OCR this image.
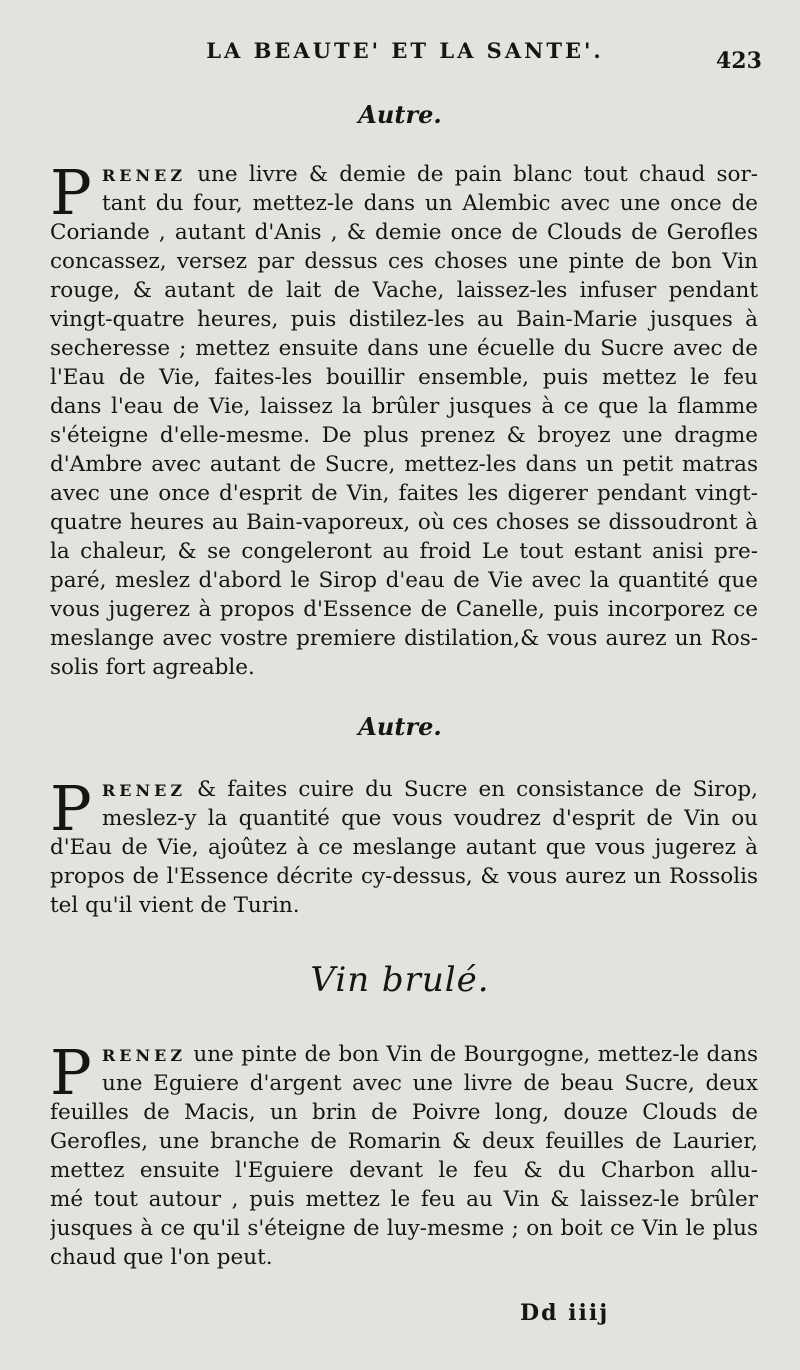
LA BEAUTE' ET LA SANTE'.	423
Autre.
P RENEZ une livre & demie de pain blanc tout chaud sor-
tant du four, mettez-le dans un Alembic avec une once de
Coriande , autant d'Anis , & demie once de Clouds de Gerofles
concassez, versez par dessus ces choses une pinte de bon Vin
rouge, & autant de lait de Vache, laissez-les infuser pendant
vingt-quatre heures, puis distilez-les au Bain-Marie jusques à
secheresse ; mettez ensuite dans une écuelle du Sucre avec de
l'Eau de Vie, faites-les bouillir ensemble, puis mettez le feu
dans l'eau de Vie, laissez la brûler jusques à ce que la flamme
s'éteigne d'elle-mesme. De plus prenez & broyez une dragme
d'Ambre avec autant de Sucre, mettez-les dans un petit matras
avec une once d'esprit de Vin, faites les digerer pendant vingt-
quatre heures au Bain-vaporeux, où ces choses se dissoudront à
la chaleur, & se congeleront au froid Le tout estant anisi pre-
paré, meslez d'abord le Sirop d'eau de Vie avec la quantité que
vous jugerez à propos d'Essence de Canelle, puis incorporez ce
meslange avec vostre premiere distilation,& vous aurez un Ros-
solis fort agreable.
Autre.
P RENEZ & faites cuire du Sucre en consistance de Sirop,
meslez-y la quantité que vous voudrez d'esprit de Vin ou
d'Eau de Vie, ajoûtez à ce meslange autant que vous jugerez à
propos de l'Essence décrite cy-dessus, & vous aurez un Rossolis
tel qu'il vient de Turin.
Vin brulé.
P RENEZ une pinte de bon Vin de Bourgogne, mettez-le dans
une Eguiere d'argent avec une livre de beau Sucre, deux
feuilles de Macis, un brin de Poivre long, douze Clouds de
Gerofles, une branche de Romarin & deux feuilles de Laurier,
mettez ensuite l'Eguiere devant le feu & du Charbon allu-
mé tout autour , puis mettez le feu au Vin & laissez-le brûler
jusques à ce qu'il s'éteigne de luy-mesme ; on boit ce Vin le plus
chaud que l'on peut.
Dd iiij
